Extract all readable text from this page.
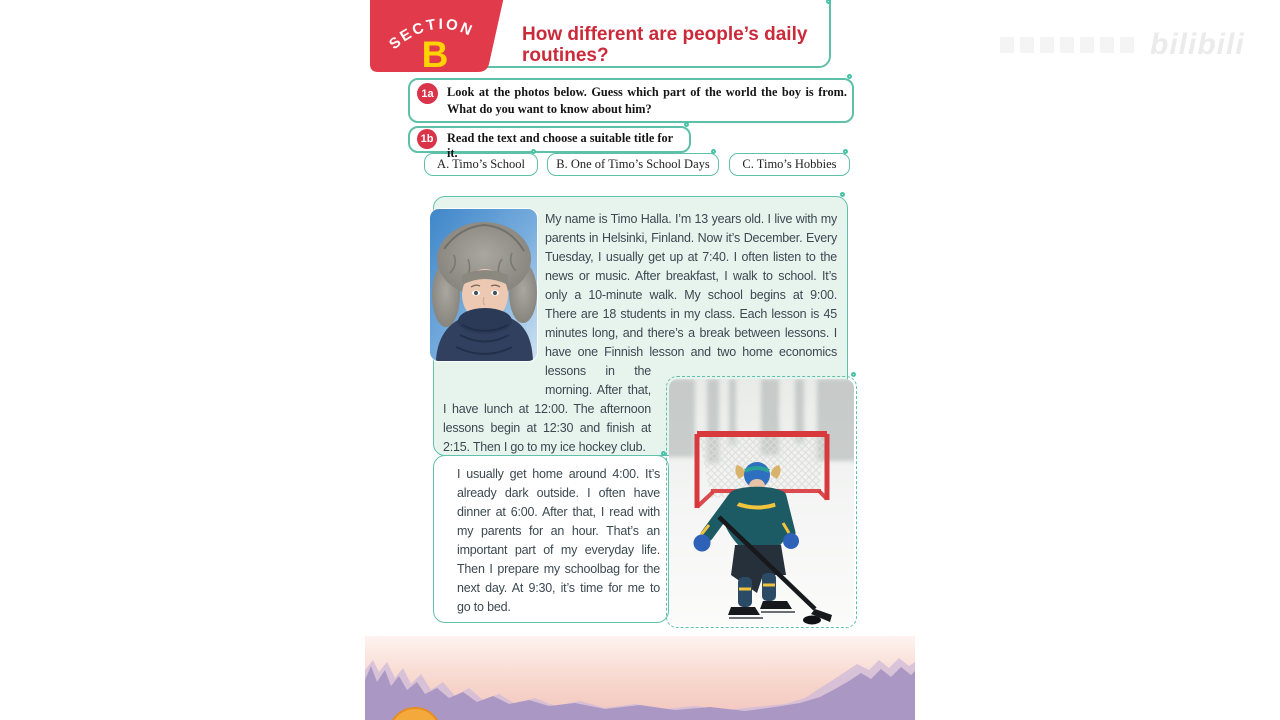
bilibili
How different are people’s daily routines?
SECTION
B
1a	Look at the photos below. Guess which part of the world the boy is from. What do you want to know about him?
1b Read the text and choose a suitable title for it.
A. Timo’s School	B. One of Timo’s School Days	C. Timo’s Hobbies
My name is Timo Halla. I’m 13 years old. I live with my parents in Helsinki, Finland. Now it’s December. Every Tuesday, I usually get up at 7:40. I often listen to the news or music. After breakfast, I walk to school. It’s only a 10-minute walk. My school begins at 9:00. There are 18 students in my class. Each lesson is 45 minutes long, and there’s a break between lessons. I have one Finnish lesson and two home economics lessons in the
morning. After that, I have lunch at 12:00. The afternoon lessons begin at 12:30 and finish at 2:15. Then I go to my ice hockey club.
I usually get home around 4:00. It’s already dark outside. I often have dinner at 6:00. After that, I read with my parents for an hour. That’s an important part of my everyday life. Then I prepare my schoolbag for the next day. At 9:30, it’s time for me to go to bed.
